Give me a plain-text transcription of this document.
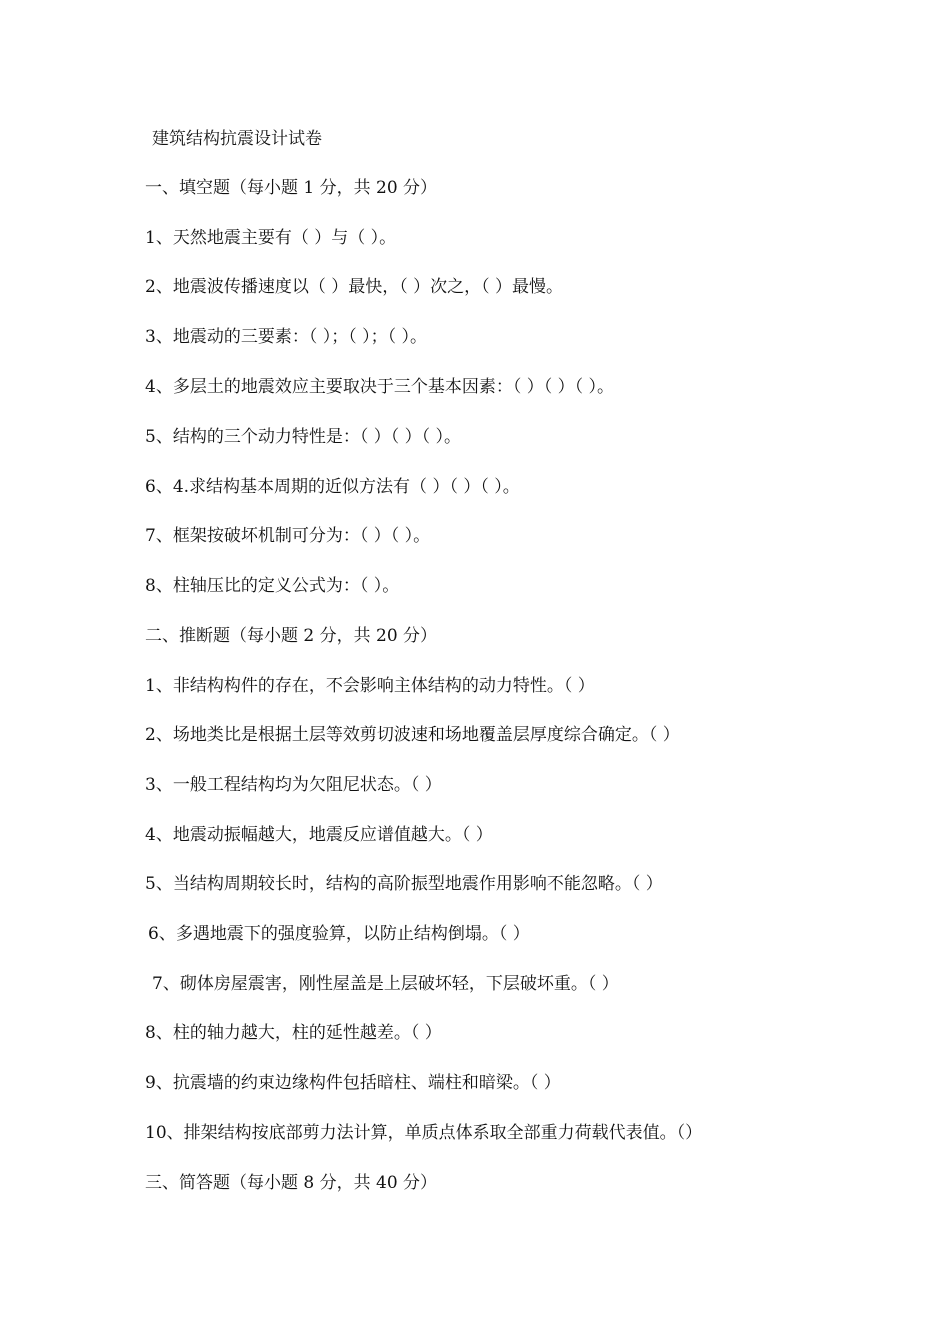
建筑结构抗震设计试卷
一、填空题（每小题 1 分，共 20 分）
1、天然地震主要有（ ）与（ ）。
2、地震波传播速度以（ ）最快，（ ）次之，（ ）最慢。
3、地震动的三要素：（ ）；（ ）；（ ）。
4、多层土的地震效应主要取决于三个基本因素：（ ）（ ）（ ）。
5、结构的三个动力特性是：（ ）（ ）（ ）。
6、4.求结构基本周期的近似方法有（ ）（ ）（ ）。
7、框架按破坏机制可分为：（ ）（ ）。
8、柱轴压比的定义公式为：（ ）。
二、推断题（每小题 2 分，共 20 分）
1、非结构构件的存在，不会影响主体结构的动力特性。（ ）
2、场地类比是根据土层等效剪切波速和场地覆盖层厚度综合确定。（ ）
3、一般工程结构均为欠阻尼状态。（ ）
4、地震动振幅越大，地震反应谱值越大。（ ）
5、当结构周期较长时，结构的高阶振型地震作用影响不能忽略。（ ）
6、多遇地震下的强度验算，以防止结构倒塌。（ ）
7、砌体房屋震害，刚性屋盖是上层破坏轻，下层破坏重。（ ）
8、柱的轴力越大，柱的延性越差。（ ）
9、抗震墙的约束边缘构件包括暗柱、端柱和暗梁。（ ）
10、排架结构按底部剪力法计算，单质点体系取全部重力荷载代表值。（）
三、简答题（每小题 8 分，共 40 分）
